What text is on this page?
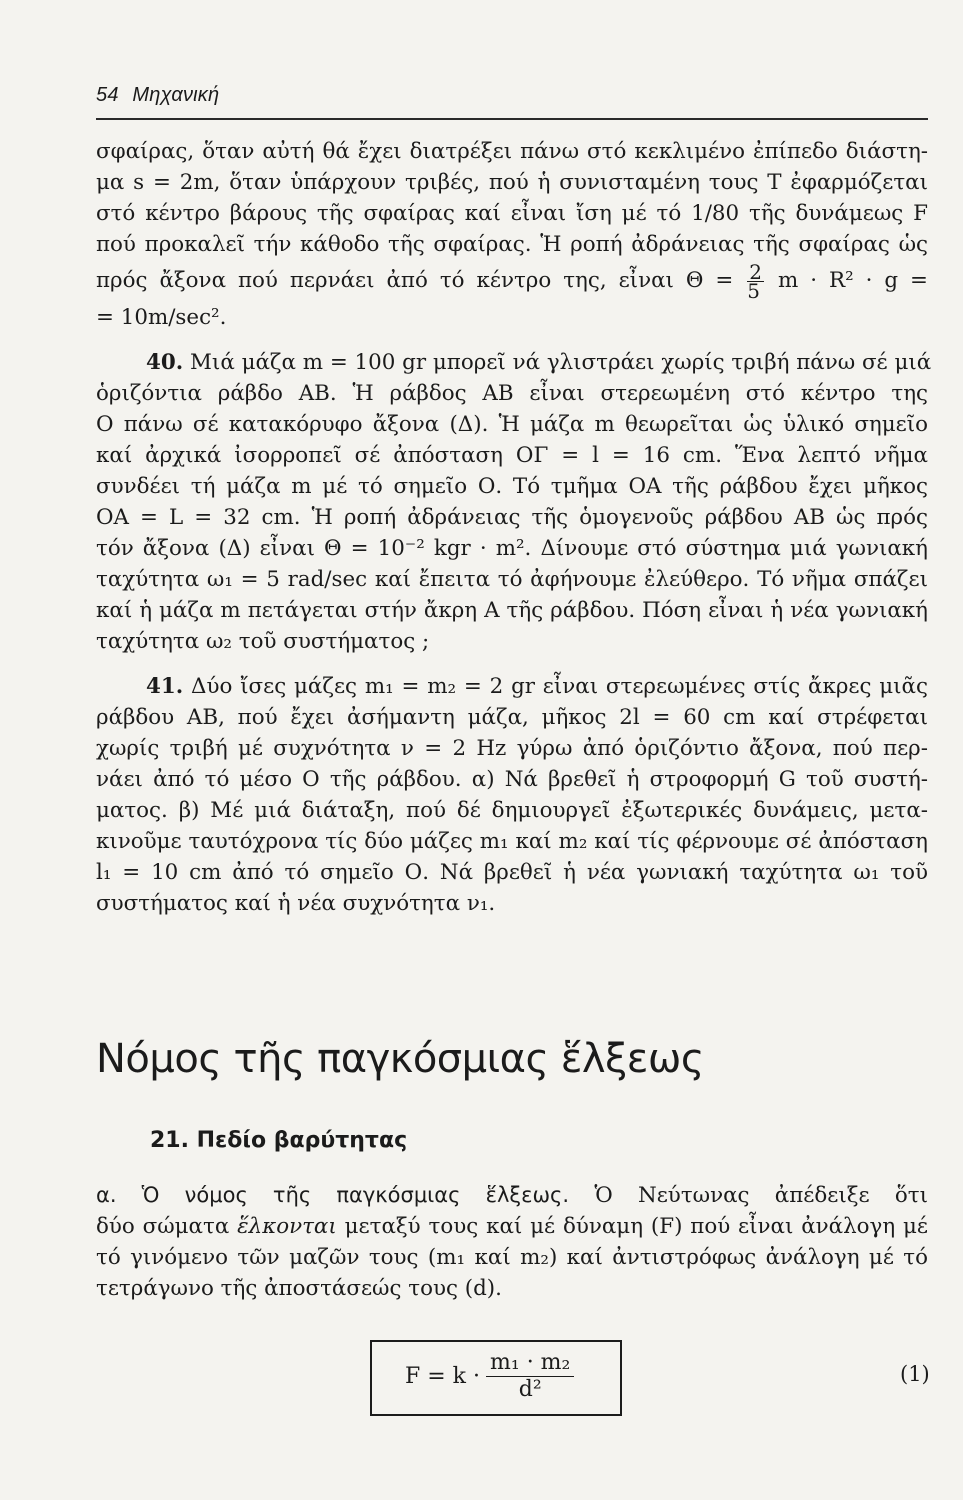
54 Μηχανική
σφαίρας, ὅταν αὐτή θά ἔχει διατρέξει πάνω στό κεκλιμένο ἐπίπεδο διάστη-
μα s = 2m, ὅταν ὑπάρχουν τριβές, πού ἡ συνισταμένη τους Τ ἐφαρμόζεται
στό κέντρο βάρους τῆς σφαίρας καί εἶναι ἴση μέ τό 1/80 τῆς δυνάμεως F
πού προκαλεῖ τήν κάθοδο τῆς σφαίρας. Ἡ ροπή ἀδράνειας τῆς σφαίρας ὡς
πρός ἄξονα πού περνάει ἀπό τό κέντρο της, εἶναι $\Theta = \frac{2}{5}$ m · R² · g =
= 10m/sec².
40. Μιά μάζα m = 100 gr μπορεῖ νά γλιστράει χωρίς τριβή πάνω σέ μιά
ὁριζόντια ράβδο ΑΒ. Ἡ ράβδος ΑΒ εἶναι στερεωμένη στό κέντρο της
Ο πάνω σέ κατακόρυφο ἄξονα (Δ). Ἡ μάζα m θεωρεῖται ὡς ὑλικό σημεῖο
καί ἀρχικά ἰσορροπεῖ σέ ἀπόσταση ΟΓ = l = 16 cm. Ἕνα λεπτό νῆμα
συνδέει τή μάζα m μέ τό σημεῖο Ο. Τό τμῆμα ΟΑ τῆς ράβδου ἔχει μῆκος
ΟΑ = L = 32 cm. Ἡ ροπή ἀδράνειας τῆς ὁμογενοῦς ράβδου ΑΒ ὡς πρός
τόν ἄξονα (Δ) εἶναι Θ = 10⁻² kgr · m². Δίνουμε στό σύστημα μιά γωνιακή
ταχύτητα ω₁ = 5 rad/sec καί ἔπειτα τό ἀφήνουμε ἐλεύθερο. Τό νῆμα σπάζει
καί ἡ μάζα m πετάγεται στήν ἄκρη Α τῆς ράβδου. Πόση εἶναι ἡ νέα γωνιακή
ταχύτητα ω₂ τοῦ συστήματος ;
41. Δύο ἴσες μάζες m₁ = m₂ = 2 gr εἶναι στερεωμένες στίς ἄκρες μιᾶς
ράβδου ΑΒ, πού ἔχει ἀσήμαντη μάζα, μῆκος 2l = 60 cm καί στρέφεται
χωρίς τριβή μέ συχνότητα ν = 2 Hz γύρω ἀπό ὁριζόντιο ἄξονα, πού περ-
νάει ἀπό τό μέσο Ο τῆς ράβδου. α) Νά βρεθεῖ ἡ στροφορμή G τοῦ συστή-
ματος. β) Μέ μιά διάταξη, πού δέ δημιουργεῖ ἐξωτερικές δυνάμεις, μετα-
κινοῦμε ταυτόχρονα τίς δύο μάζες m₁ καί m₂ καί τίς φέρνουμε σέ ἀπόσταση
l₁ = 10 cm ἀπό τό σημεῖο Ο. Νά βρεθεῖ ἡ νέα γωνιακή ταχύτητα ω₁ τοῦ
συστήματος καί ἡ νέα συχνότητα ν₁.
Νόμος τῆς παγκόσμιας ἕλξεως
21. Πεδίο βαρύτητας
α. Ὁ νόμος τῆς παγκόσμιας ἕλξεως. Ὁ Νεύτωνας ἀπέδειξε ὅτι
δύο σώματα ἕλκονται μεταξύ τους καί μέ δύναμη (F) πού εἶναι ἀνάλογη μέ
τό γινόμενο τῶν μαζῶν τους (m₁ καί m₂) καί ἀντιστρόφως ἀνάλογη μέ τό
τετράγωνο τῆς ἀποστάσεώς τους (d).
$F = k \cdot \frac{\text{m₁ · m₂}}{\text{d²}}$	(1)
